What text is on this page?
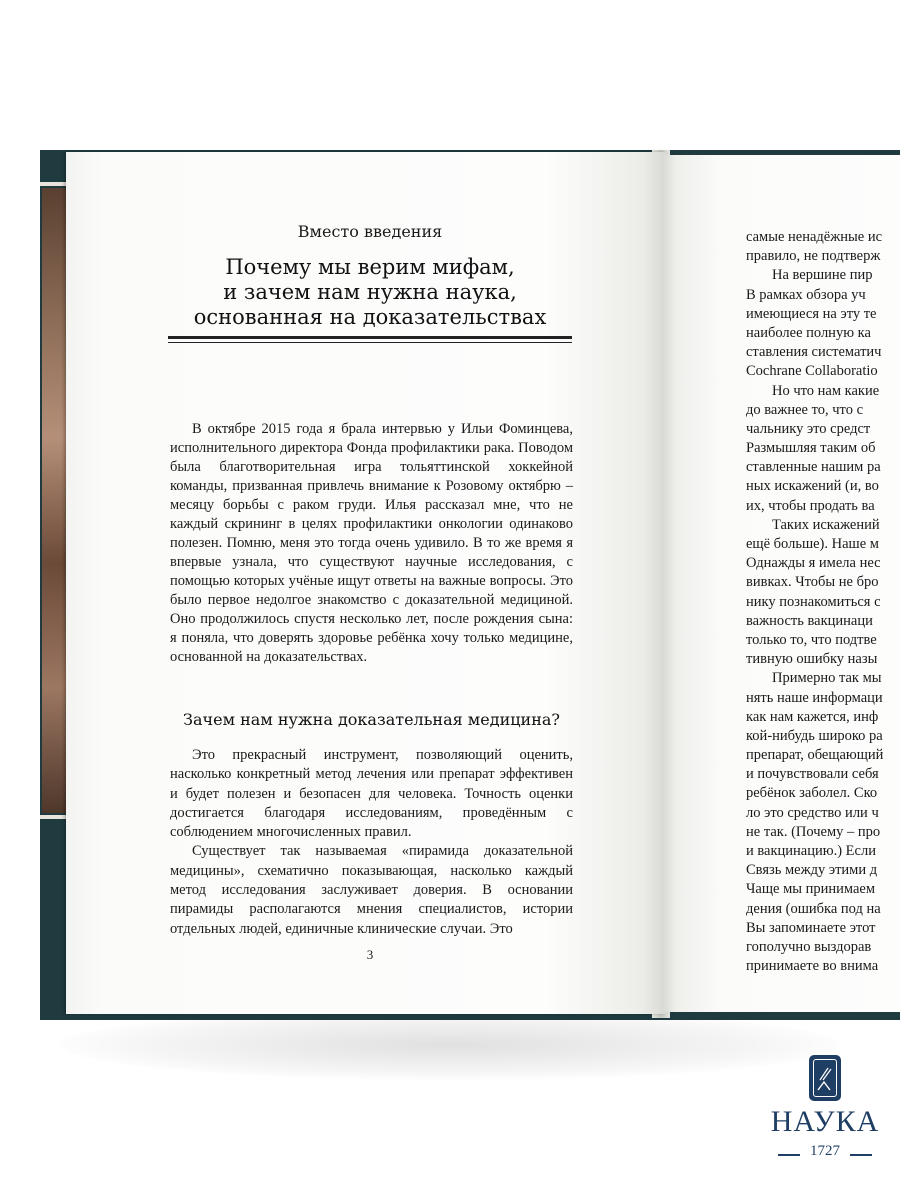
Вместо введения
Почему мы верим мифам,
и зачем нам нужна наука,
основанная на доказательствах

В октябре 2015 года я брала интервью у Ильи Фоминцева, исполнительного директора Фонда профилактики рака. Поводом была благотворительная игра тольяттинской хоккейной команды, призванная привлечь внимание к Розовому октябрю – месяцу борьбы с раком груди. Илья рассказал мне, что не каждый скрининг в целях профилактики онкологии одинаково полезен. Помню, меня это тогда очень удивило. В то же время я впервые узнала, что существуют научные исследования, с помощью которых учёные ищут ответы на важные вопросы. Это было первое недолгое знакомство с доказательной медициной. Оно продолжилось спустя несколько лет, после рождения сына: я поняла, что доверять здоровье ребёнка хочу только медицине, основанной на доказательствах.

Зачем нам нужна доказательная медицина?

Это прекрасный инструмент, позволяющий оценить, насколько конкретный метод лечения или препарат эффективен и будет полезен и безопасен для человека. Точность оценки достигается благодаря исследованиям, проведённым с соблюдением многочисленных правил.

Существует так называемая «пирамида доказательной медицины», схематично показывающая, насколько каждый метод исследования заслуживает доверия. В основании пирамиды располагаются мнения специалистов, истории отдельных людей, единичные клинические случаи. Это

3
самые ненадёжные ис
правило, не подтверж
На вершине пир
В рамках обзора уч
имеющиеся на эту те
наиболее полную ка
ставления систематич
Cochrane Collaboratio
Но что нам какие
до важнее то, что с
чальнику это средст
Размышляя таким об
ставленные нашим ра
ных искажений (и, во
их, чтобы продать ва
Таких искажений
ещё больше). Наше м
Однажды я имела нес
вивках. Чтобы не бро
нику познакомиться с
важность вакцинаци
только то, что подтве
тивную ошибку назы
Примерно так мы
нять наше информаци
как нам кажется, инф
кой-нибудь широко ра
препарат, обещающий
и почувствовали себя
ребёнок заболел. Ско
ло это средство или ч
не так. (Почему – про
и вакцинацию.) Если
Связь между этими д
Чаще мы принимаем
дения (ошибка под на
Вы запоминаете этот
гополучно выздорав
принимаете во внима
НАУКА
1727
